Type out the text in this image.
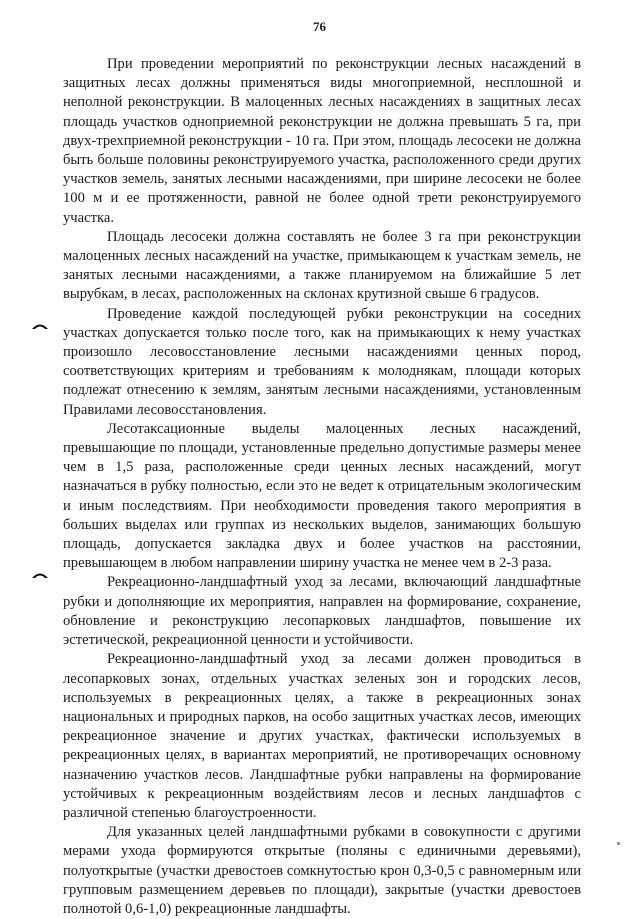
76

При проведении мероприятий по реконструкции лесных насаждений в защитных лесах должны применяться виды многоприемной, несплошной и неполной реконструкции. В малоценных лесных насаждениях в защитных лесах площадь участков одноприемной реконструкции не должна превышать 5 га, при двух-трехприемной реконструкции - 10 га. При этом, площадь лесосеки не должна быть больше половины реконструируемого участка, расположенного среди других участков земель, занятых лесными насаждениями, при ширине лесосеки не более 100 м и ее протяженности, равной не более одной трети реконструируемого участка.

Площадь лесосеки должна составлять не более 3 га при реконструкции малоценных лесных насаждений на участке, примыкающем к участкам земель, не занятых лесными насаждениями, а также планируемом на ближайшие 5 лет вырубкам, в лесах, расположенных на склонах крутизной свыше 6 градусов.

Проведение каждой последующей рубки реконструкции на соседних участках допускается только после того, как на примыкающих к нему участках произошло лесовосстановление лесными насаждениями ценных пород, соответствующих критериям и требованиям к молоднякам, площади которых подлежат отнесению к землям, занятым лесными насаждениями, установленным Правилами лесовосстановления.

Лесотаксационные выделы малоценных лесных насаждений, превышающие по площади, установленные предельно допустимые размеры менее чем в 1,5 раза, расположенные среди ценных лесных насаждений, могут назначаться в рубку полностью, если это не ведет к отрицательным экологическим и иным последствиям. При необходимости проведения такого мероприятия в больших выделах или группах из нескольких выделов, занимающих большую площадь, допускается закладка двух и более участков на расстоянии, превышающем в любом направлении ширину участка не менее чем в 2-3 раза.

Рекреационно-ландшафтный уход за лесами, включающий ландшафтные рубки и дополняющие их мероприятия, направлен на формирование, сохранение, обновление и реконструкцию лесопарковых ландшафтов, повышение их эстетической, рекреационной ценности и устойчивости.

Рекреационно-ландшафтный уход за лесами должен проводиться в лесопарковых зонах, отдельных участках зеленых зон и городских лесов, используемых в рекреационных целях, а также в рекреационных зонах национальных и природных парков, на особо защитных участках лесов, имеющих рекреационное значение и других участках, фактически используемых в рекреационных целях, в вариантах мероприятий, не противоречащих основному назначению участков лесов. Ландшафтные рубки направлены на формирование устойчивых к рекреационным воздействиям лесов и лесных ландшафтов с различной степенью благоустроенности.

Для указанных целей ландшафтными рубками в совокупности с другими мерами ухода формируются открытые (поляны с единичными деревьями), полуоткрытые (участки древостоев сомкнутостью крон 0,3-0,5 с равномерным или групповым размещением деревьев по площади), закрытые (участки древостоев полнотой 0,6-1,0) рекреационные ландшафты.
